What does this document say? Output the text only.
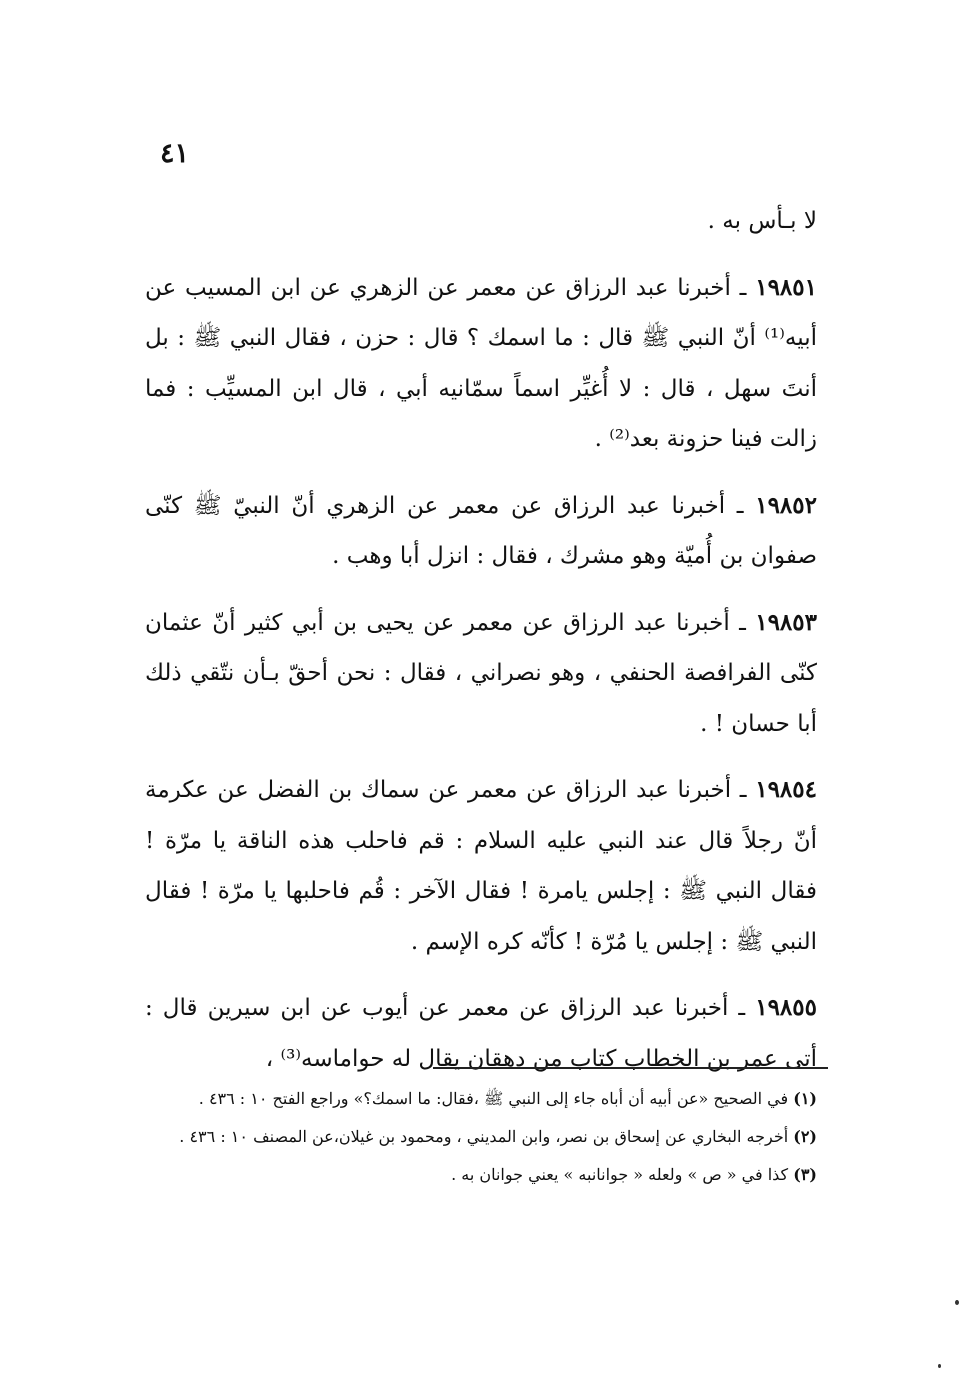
٤١

لا بـأس به .

١٩٨٥١ ـ أخبرنا عبد الرزاق عن معمر عن الزهري عن ابن المسيب عن أبيه⁽¹⁾ أنّ النبي ﷺ قال : ما اسمك ؟ قال : حزن ، فقال النبي ﷺ : بل أنتَ سهل ، قال : لا أُغيِّر اسماً سمّانيه أبي ، قال ابن المسيِّب : فما زالت فينا حزونة بعد⁽²⁾ .

١٩٨٥٢ ـ أخبرنا عبد الرزاق عن معمر عن الزهري أنّ النبيّ ﷺ كنّى صفوان بن أُميّة وهو مشرك ، فقال : انزل أبا وهب .

١٩٨٥٣ ـ أخبرنا عبد الرزاق عن معمر عن يحيى بن أبي كثير أنّ عثمان كنّى الفرافصة الحنفي ، وهو نصراني ، فقال : نحن أحقّ بـأن نتّقي ذلك أبا حسان ! .

١٩٨٥٤ ـ أخبرنا عبد الرزاق عن معمر عن سماك بن الفضل عن عكرمة أنّ رجلاً قال عند النبي عليه السلام : قم فاحلب هذه الناقة يا مرّة ! فقال النبي ﷺ : إجلس يامرة ! فقال الآخر : قُم فاحلبها يا مرّة ! فقال النبي ﷺ : إجلس يا مُرّة ! كأنّه كره الإسم .

١٩٨٥٥ ـ أخبرنا عبد الرزاق عن معمر عن أيوب عن ابن سيرين قال : أتى عمر بن الخطاب كتاب من دهقان يقال له حواماسه⁽³⁾ ،

(١) في الصحيح «عن أبيه أن أباه جاء إلى النبي ﷺ ،فقال: ما اسمك؟» وراجع الفتح ١٠ : ٤٣٦ .

(٢) أخرجه البخاري عن إسحاق بن نصر، وابن المديني ، ومحمود بن غيلان،عن المصنف ١٠ : ٤٣٦ .

(٣) كذا في « ص » ولعله « جوانانبه » يعني جوانان به .
